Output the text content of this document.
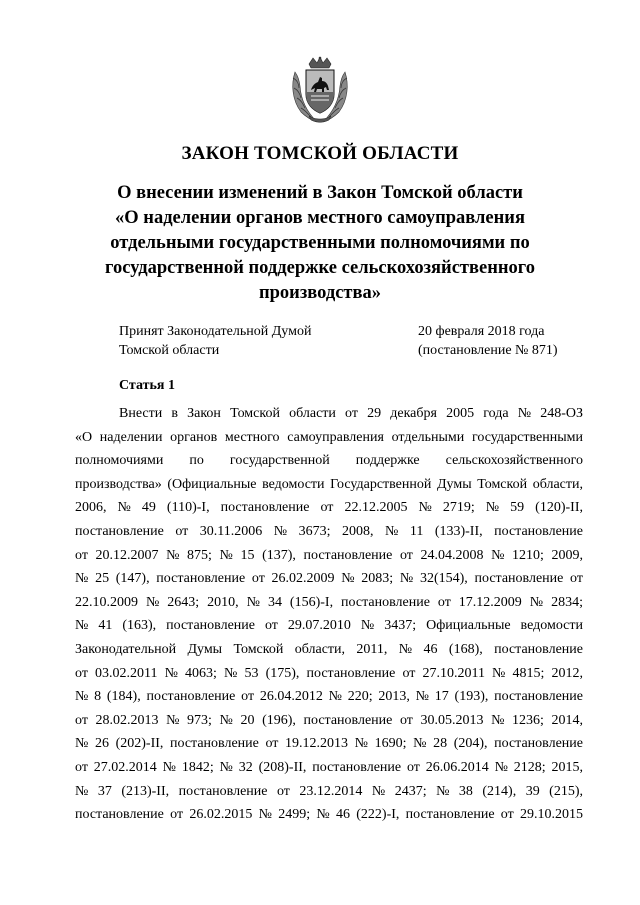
ЗАКОН ТОМСКОЙ ОБЛАСТИ
О внесении изменений в Закон Томской области
«О наделении органов местного самоуправления
отдельными государственными полномочиями по
государственной поддержке сельскохозяйственного
производства»
Принят Законодательной Думой
Томской области
20 февраля 2018 года
(постановление № 871)
Статья 1
Внести в Закон Томской области от 29 декабря 2005 года № 248-ОЗ
«О наделении органов местного самоуправления отдельными государственными
полномочиями по государственной поддержке сельскохозяйственного
производства» (Официальные ведомости Государственной Думы Томской области,
2006, № 49 (110)-I, постановление от 22.12.2005 № 2719; № 59 (120)-II,
постановление от 30.11.2006 № 3673; 2008, № 11 (133)-II, постановление
от 20.12.2007 № 875; № 15 (137), постановление от 24.04.2008 № 1210; 2009,
№ 25 (147), постановление от 26.02.2009 № 2083; № 32(154), постановление от
22.10.2009 № 2643; 2010, № 34 (156)-I, постановление от 17.12.2009 № 2834;
№ 41 (163), постановление от 29.07.2010 № 3437; Официальные ведомости
Законодательной Думы Томской области, 2011, № 46 (168), постановление
от 03.02.2011 № 4063; № 53 (175), постановление от 27.10.2011 № 4815; 2012,
№ 8 (184), постановление от 26.04.2012 № 220; 2013, № 17 (193), постановление
от 28.02.2013 № 973; № 20 (196), постановление от 30.05.2013 № 1236; 2014,
№ 26 (202)-II, постановление от 19.12.2013 № 1690; № 28 (204), постановление
от 27.02.2014 № 1842; № 32 (208)-II, постановление от 26.06.2014 № 2128; 2015,
№ 37 (213)-II, постановление от 23.12.2014 № 2437; № 38 (214), 39 (215),
постановление от 26.02.2015 № 2499; № 46 (222)-I, постановление от 29.10.2015
